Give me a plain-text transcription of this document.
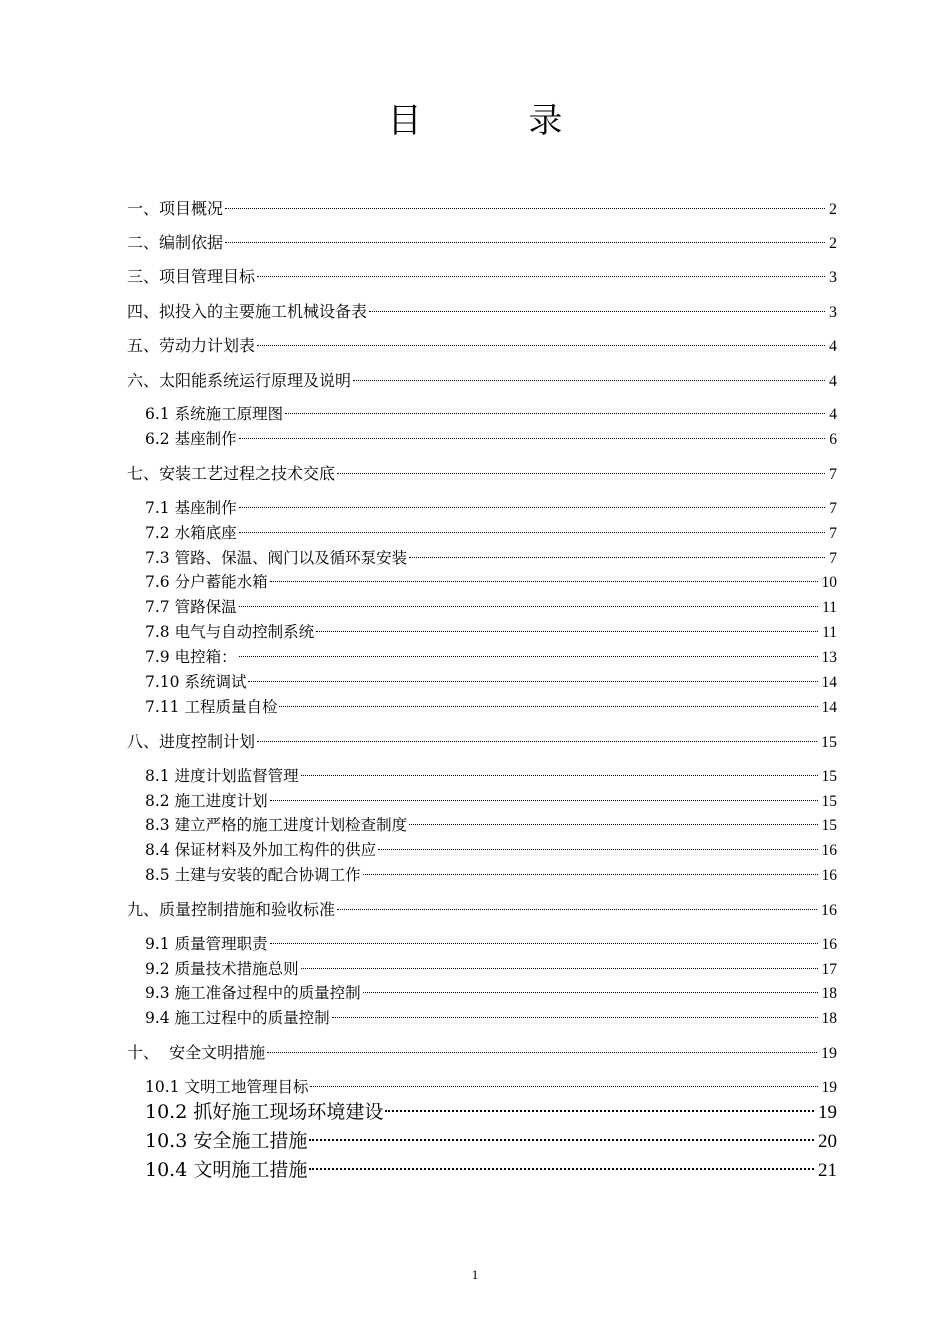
目 录
一、项目概况	2
二、编制依据	2
三、项目管理目标	3
四、拟投入的主要施工机械设备表	3
五、劳动力计划表	4
六、太阳能系统运行原理及说明	4
6.1 系统施工原理图	4
6.2 基座制作	6
七、安装工艺过程之技术交底	7
7.1 基座制作	7
7.2 水箱底座	7
7.3 管路、保温、阀门以及循环泵安装	7
7.6 分户蓄能水箱	10
7.7 管路保温	11
7.8 电气与自动控制系统	11
7.9 电控箱：	13
7.10 系统调试	14
7.11 工程质量自检	14
八、进度控制计划	15
8.1 进度计划监督管理	15
8.2 施工进度计划	15
8.3 建立严格的施工进度计划检查制度	15
8.4 保证材料及外加工构件的供应	16
8.5 土建与安装的配合协调工作	16
九、质量控制措施和验收标准	16
9.1 质量管理职责	16
9.2 质量技术措施总则	17
9.3 施工准备过程中的质量控制	18
9.4 施工过程中的质量控制	18
十、  安全文明措施	19
10.1 文明工地管理目标	19
10.2 抓好施工现场环境建设	19
10.3 安全施工措施	20
10.4 文明施工措施	21
1
